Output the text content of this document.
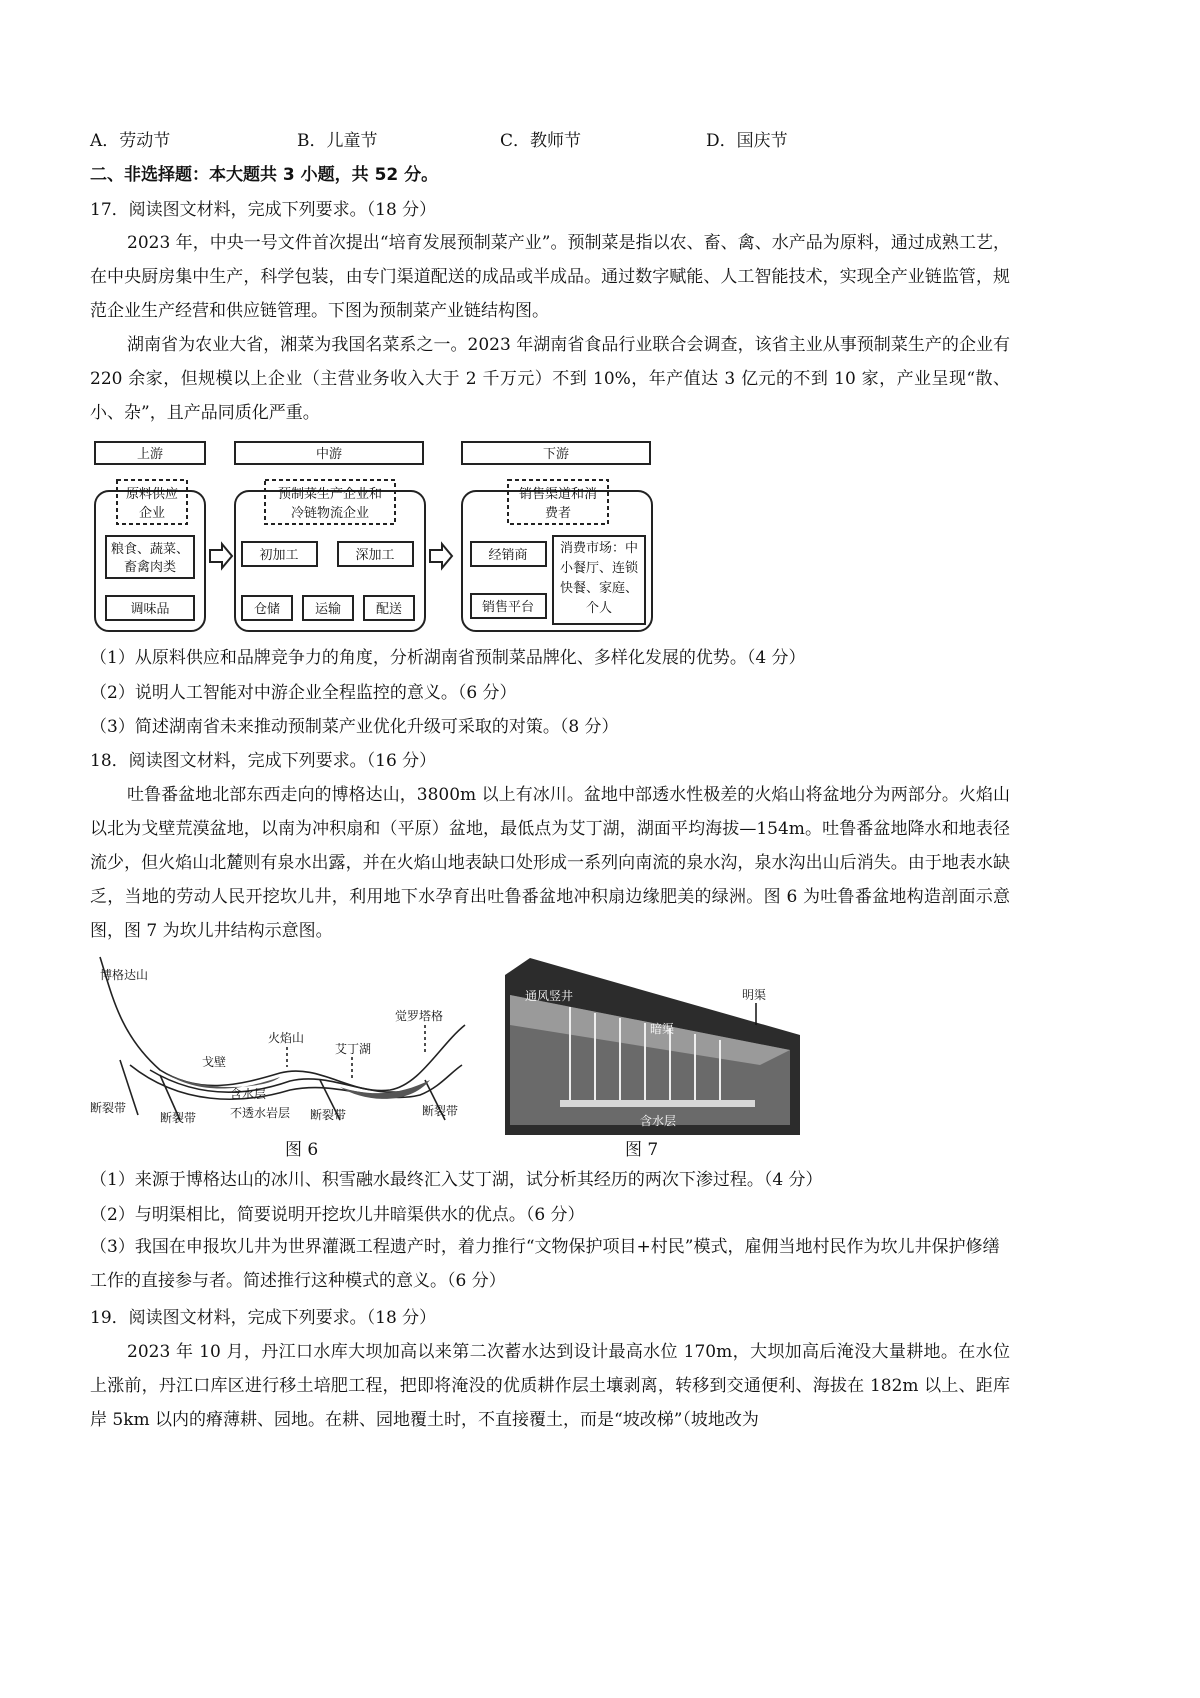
A．劳动节	B．儿童节	C．教师节	D．国庆节
二、非选择题：本大题共 3 小题，共 52 分。
17．阅读图文材料，完成下列要求。（18 分）
2023 年，中央一号文件首次提出“培育发展预制菜产业”。预制菜是指以农、畜、禽、水产品为原料，通过成熟工艺，在中央厨房集中生产，科学包装，由专门渠道配送的成品或半成品。通过数字赋能、人工智能技术，实现全产业链监管，规范企业生产经营和供应链管理。下图为预制菜产业链结构图。
湖南省为农业大省，湘菜为我国名菜系之一。2023 年湖南省食品行业联合会调查，该省主业从事预制菜生产的企业有 220 余家，但规模以上企业（主营业务收入大于 2 千万元）不到 10%，年产值达 3 亿元的不到 10 家，产业呈现“散、小、杂”，且产品同质化严重。
上游	中游	下游
原料供应
企业
粮食、蔬菜、
畜禽肉类
调味品
预制菜生产企业和
冷链物流企业
初加工	深加工
仓储	运输	配送
销售渠道和消
费者
经销商
销售平台
消费市场：中
小餐厅、连锁
快餐、家庭、
个人
（1）从原料供应和品牌竞争力的角度，分析湖南省预制菜品牌化、多样化发展的优势。（4 分）
（2）说明人工智能对中游企业全程监控的意义。（6 分）
（3）简述湖南省未来推动预制菜产业优化升级可采取的对策。（8 分）
18．阅读图文材料，完成下列要求。（16 分）
吐鲁番盆地北部东西走向的博格达山，3800m 以上有冰川。盆地中部透水性极差的火焰山将盆地分为两部分。火焰山以北为戈壁荒漠盆地，以南为冲积扇和（平原）盆地，最低点为艾丁湖，湖面平均海拔—154m。吐鲁番盆地降水和地表径流少，但火焰山北麓则有泉水出露，并在火焰山地表缺口处形成一系列向南流的泉水沟，泉水沟出山后消失。由于地表水缺乏，当地的劳动人民开挖坎儿井，利用地下水孕育出吐鲁番盆地冲积扇边缘肥美的绿洲。图 6 为吐鲁番盆地构造剖面示意图，图 7 为坎儿井结构示意图。
博格达山
戈壁
火焰山
艾丁湖
觉罗塔格
含水层
不透水岩层
断裂带
断裂带	断裂带	断裂带
图 6
通风竖井
暗渠
含水层
明渠
图 7
（1）来源于博格达山的冰川、积雪融水最终汇入艾丁湖，试分析其经历的两次下渗过程。（4 分）
（2）与明渠相比，简要说明开挖坎儿井暗渠供水的优点。（6 分）
（3）我国在申报坎儿井为世界灌溉工程遗产时，着力推行“文物保护项目+村民”模式，雇佣当地村民作为坎儿井保护修缮工作的直接参与者。简述推行这种模式的意义。（6 分）
19．阅读图文材料，完成下列要求。（18 分）
2023 年 10 月，丹江口水库大坝加高以来第二次蓄水达到设计最高水位 170m，大坝加高后淹没大量耕地。在水位上涨前，丹江口库区进行移土培肥工程，把即将淹没的优质耕作层土壤剥离，转移到交通便利、海拔在 182m 以上、距库岸 5km 以内的瘠薄耕、园地。在耕、园地覆土时，不直接覆土，而是“坡改梯”（坡地改为
